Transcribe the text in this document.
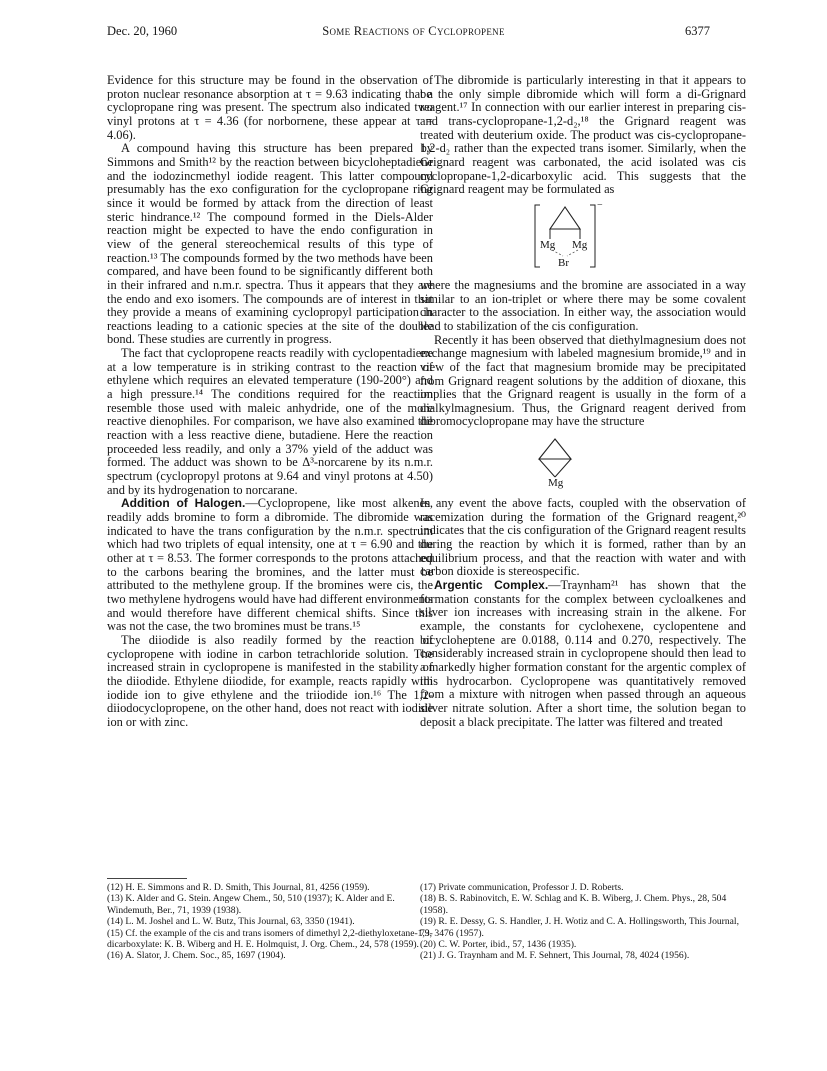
Dec. 20, 1960	Some Reactions of Cyclopropene	6377

Evidence for this structure may be found in the observation of proton nuclear resonance absorption at τ = 9.63 indicating that a cyclopropane ring was present. The spectrum also indicated two vinyl protons at τ = 4.36 (for norbornene, these appear at τ = 4.06).

A compound having this structure has been prepared by Simmons and Smith¹² by the reaction between bicycloheptadiene and the iodozincmethyl iodide reagent. This latter compound presumably has the exo configuration for the cyclopropane ring since it would be formed by attack from the direction of least steric hindrance.¹² The compound formed in the Diels-Alder reaction might be expected to have the endo configuration in view of the general stereochemical results of this type of reaction.¹³ The compounds formed by the two methods have been compared, and have been found to be significantly different both in their infrared and n.m.r. spectra. Thus it appears that they are the endo and exo isomers. The compounds are of interest in that they provide a means of examining cyclopropyl participation in reactions leading to a cationic species at the site of the double bond. These studies are currently in progress.

The fact that cyclopropene reacts readily with cyclopentadiene at a low temperature is in striking contrast to the reaction of ethylene which requires an elevated temperature (190-200°) and a high pressure.¹⁴ The conditions required for the reaction resemble those used with maleic anhydride, one of the more reactive dienophiles. For comparison, we have also examined the reaction with a less reactive diene, butadiene. Here the reaction proceeded less readily, and only a 37% yield of the adduct was formed. The adduct was shown to be Δ³-norcarene by its n.m.r. spectrum (cyclopropyl protons at 9.64 and vinyl protons at 4.50) and by its hydrogenation to norcarane.

Addition of Halogen.—Cyclopropene, like most alkenes, readily adds bromine to form a dibromide. The dibromide was indicated to have the trans configuration by the n.m.r. spectrum which had two triplets of equal intensity, one at τ = 6.90 and the other at τ = 8.53. The former corresponds to the protons attached to the carbons bearing the bromines, and the latter must be attributed to the methylene group. If the bromines were cis, the two methylene hydrogens would have had different environments and would therefore have different chemical shifts. Since this was not the case, the two bromines must be trans.¹⁵

The diiodide is also readily formed by the reaction of cyclopropene with iodine in carbon tetrachloride solution. The increased strain in cyclopropene is manifested in the stability of the diiodide. Ethylene diiodide, for example, reacts rapidly with iodide ion to give ethylene and the triiodide ion.¹⁶ The 1,2-diiodocyclopropene, on the other hand, does not react with iodide ion or with zinc.

The dibromide is particularly interesting in that it appears to be the only simple dibromide which will form a di-Grignard reagent.¹⁷ In connection with our earlier interest in preparing cis- and trans-cyclopropane-1,2-d₂,¹⁸ the Grignard reagent was treated with deuterium oxide. The product was cis-cyclopropane-1,2-d₂ rather than the expected trans isomer. Similarly, when the Grignard reagent was carbonated, the acid isolated was cis cyclopropane-1,2-dicarboxylic acid. This suggests that the Grignard reagent may be formulated as

−
Mg Mg
Br

where the magnesiums and the bromine are associated in a way similar to an ion-triplet or where there may be some covalent character to the association. In either way, the association would lead to stabilization of the cis configuration.

Recently it has been observed that diethylmagnesium does not exchange magnesium with labeled magnesium bromide,¹⁹ and in view of the fact that magnesium bromide may be precipitated from Grignard reagent solutions by the addition of dioxane, this implies that the Grignard reagent is usually in the form of a dialkylmagnesium. Thus, the Grignard reagent derived from dibromocyclopropane may have the structure

Mg

In any event the above facts, coupled with the observation of racemization during the formation of the Grignard reagent,²⁰ indicates that the cis configuration of the Grignard reagent results during the reaction by which it is formed, rather than by an equilibrium process, and that the reaction with water and with carbon dioxide is stereospecific.

Argentic Complex.—Traynham²¹ has shown that the formation constants for the complex between cycloalkenes and silver ion increases with increasing strain in the alkene. For example, the constants for cyclohexene, cyclopentene and bicycloheptene are 0.0188, 0.114 and 0.270, respectively. The considerably increased strain in cyclopropene should then lead to a markedly higher formation constant for the argentic complex of this hydrocarbon. Cyclopropene was quantitatively removed from a mixture with nitrogen when passed through an aqueous silver nitrate solution. After a short time, the solution began to deposit a black precipitate. The latter was filtered and treated

(12) H. E. Simmons and R. D. Smith, This Journal, 81, 4256 (1959).
(13) K. Alder and G. Stein. Angew Chem., 50, 510 (1937); K. Alder and E. Windemuth, Ber., 71, 1939 (1938).
(14) L. M. Joshel and L. W. Butz, This Journal, 63, 3350 (1941).
(15) Cf. the example of the cis and trans isomers of dimethyl 2,2-diethyloxetane-1,3-dicarboxylate: K. B. Wiberg and H. E. Holmquist, J. Org. Chem., 24, 578 (1959).
(16) A. Slator, J. Chem. Soc., 85, 1697 (1904).
(17) Private communication, Professor J. D. Roberts.
(18) B. S. Rabinovitch, E. W. Schlag and K. B. Wiberg, J. Chem. Phys., 28, 504 (1958).
(19) R. E. Dessy, G. S. Handler, J. H. Wotiz and C. A. Hollingsworth, This Journal, 79, 3476 (1957).
(20) C. W. Porter, ibid., 57, 1436 (1935).
(21) J. G. Traynham and M. F. Sehnert, This Journal, 78, 4024 (1956).
